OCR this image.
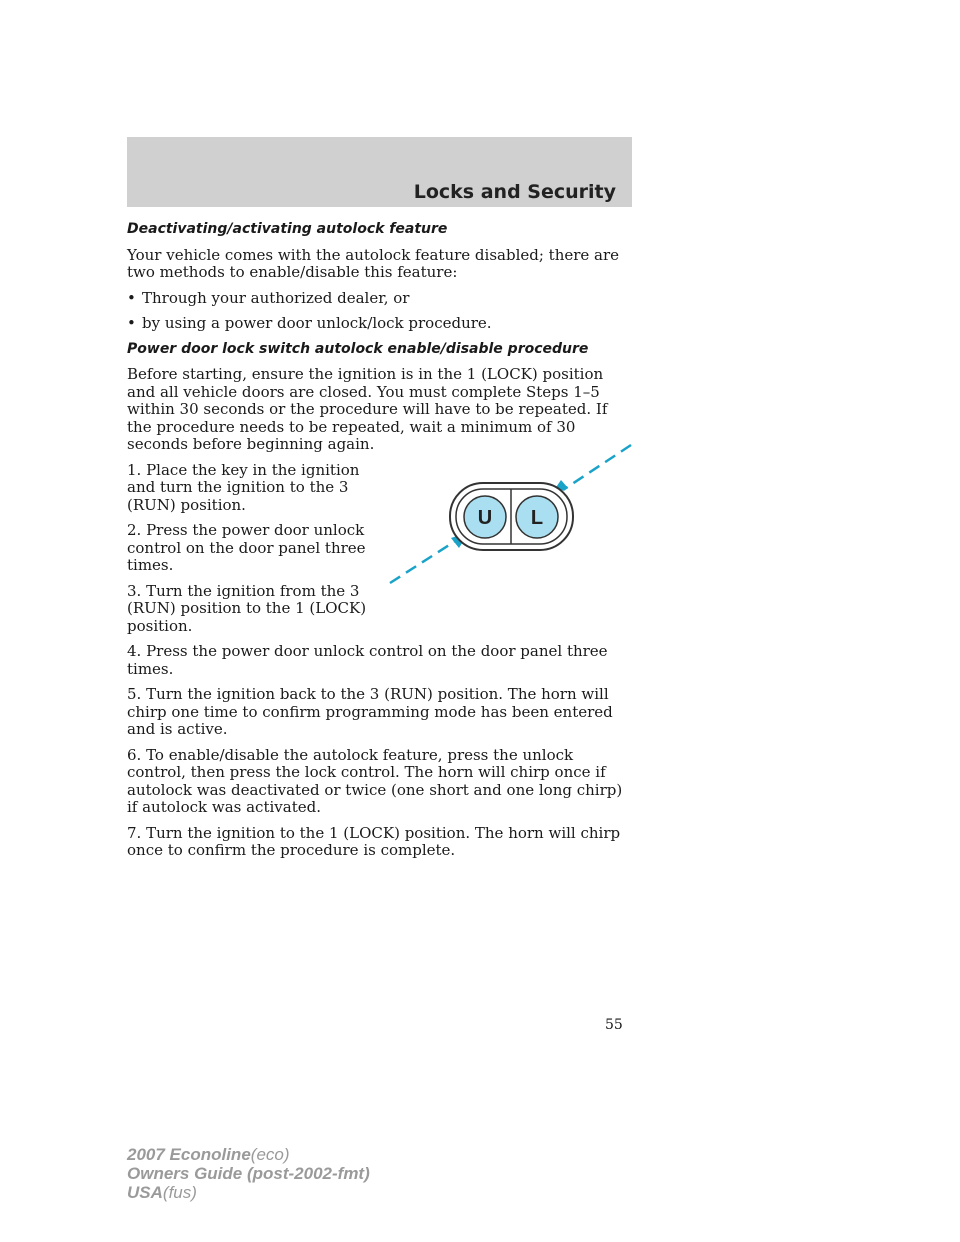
Locks and Security
Deactivating/activating autolock feature
Your vehicle comes with the autolock feature disabled; there are two methods to enable/disable this feature:
• Through your authorized dealer, or
• by using a power door unlock/lock procedure.
Power door lock switch autolock enable/disable procedure
Before starting, ensure the ignition is in the 1 (LOCK) position and all vehicle doors are closed. You must complete Steps 1–5 within 30 seconds or the procedure will have to be repeated. If the procedure needs to be repeated, wait a minimum of 30 seconds before beginning again.
1. Place the key in the ignition and turn the ignition to the 3 (RUN) position.
2. Press the power door unlock control on the door panel three times.
3. Turn the ignition from the 3 (RUN) position to the 1 (LOCK) position.
4. Press the power door unlock control on the door panel three times.
5. Turn the ignition back to the 3 (RUN) position. The horn will chirp one time to confirm programming mode has been entered and is active.
6. To enable/disable the autolock feature, press the unlock control, then press the lock control. The horn will chirp once if autolock was deactivated or twice (one short and one long chirp) if autolock was activated.
7. Turn the ignition to the 1 (LOCK) position. The horn will chirp once to confirm the procedure is complete.
U L
55
2007 Econoline(eco)
Owners Guide (post-2002-fmt)
USA(fus)
